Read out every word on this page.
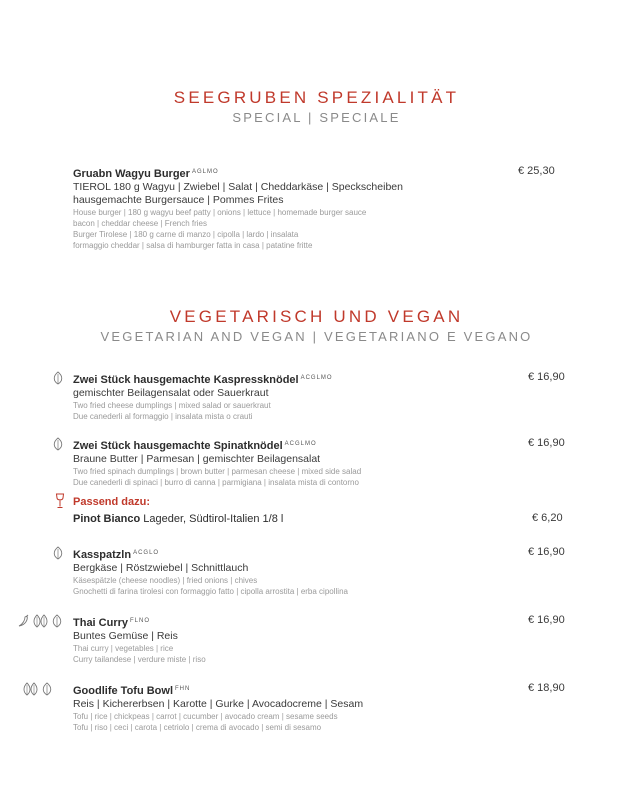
SEEGRUBEN SPEZIALITÄT
SPECIAL | SPECIALE
Gruabn Wagyu Burger $^{AGLMO}$
TIEROL 180 g Wagyu | Zwiebel | Salat | Cheddarkäse | Speckscheiben
hausgemachte Burgersauce | Pommes Frites
House burger | 180 g wagyu beef patty | onions | lettuce | homemade burger sauce
bacon | cheddar cheese | French fries
Burger Tirolese | 180 g carne di manzo | cipolla | lardo | insalata
formaggio cheddar | salsa di hamburger fatta in casa | patatine fritte
€ 25,30
VEGETARISCH UND VEGAN
VEGETARIAN AND VEGAN | VEGETARIANO E VEGANO
Zwei Stück hausgemachte Kaspressknödel $^{ACGLMO}$
gemischter Beilagensalat oder Sauerkraut
Two fried cheese dumplings | mixed salad or sauerkraut
Due canederli al formaggio | insalata mista o crauti
€ 16,90
Zwei Stück hausgemachte Spinatknödel $^{ACGLMO}$
Braune Butter | Parmesan | gemischter Beilagensalat
Two fried spinach dumplings | brown butter | parmesan cheese | mixed side salad
Due canederli di spinaci | burro di canna | parmigiana | insalata mista di contorno
€ 16,90
Passend dazu:
Pinot Bianco Lageder, Südtirol-Italien 1/8 l	€ 6,20
Kasspatzln $^{ACGLO}$
Bergkäse | Röstzwiebel | Schnittlauch
Käsespätzle (cheese noodles) | fried onions | chives
Gnochetti di farina tirolesi con formaggio fatto | cipolla arrostita | erba cipollina
€ 16,90
Thai Curry $^{FLNO}$
Buntes Gemüse | Reis
Thai curry | vegetables | rice
Curry tailandese | verdure miste | riso
€ 16,90
Goodlife Tofu Bowl $^{FHN}$
Reis | Kichererbsen | Karotte | Gurke | Avocadocreme | Sesam
Tofu | rice | chickpeas | carrot | cucumber | avocado cream | sesame seeds
Tofu | riso | ceci | carota | cetriolo | crema di avocado | semi di sesamo
€ 18,90
